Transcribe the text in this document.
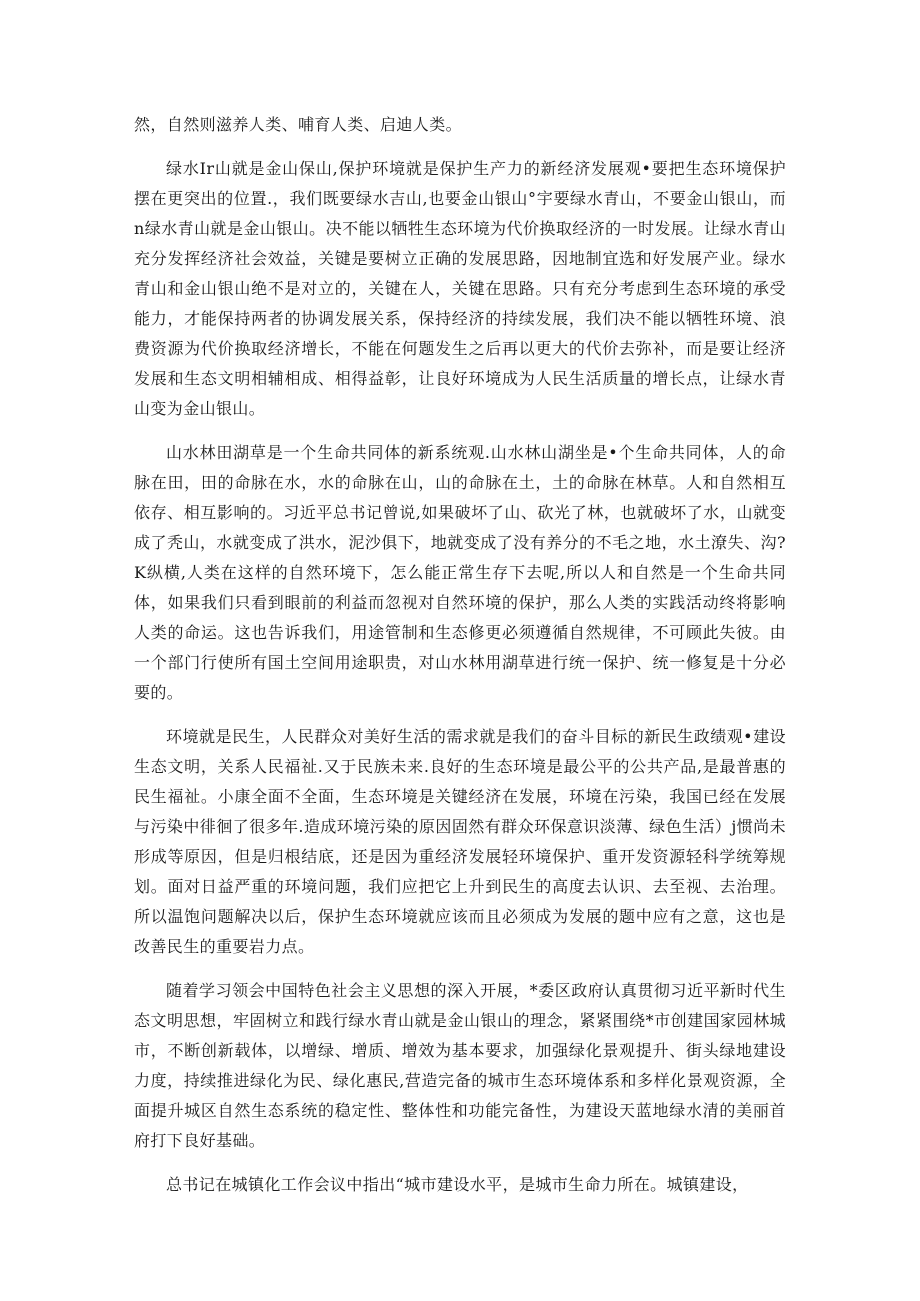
然，自然则滋养人类、哺育人类、启迪人类。

绿水Ir山就是金山保山,保护环境就是保护生产力的新经济发展观•要把生态环境保护摆在更突出的位置.，我们既要绿水吉山,也要金山银山°宇要绿水青山，不要金山银山，而n绿水青山就是金山银山。决不能以牺牲生态环境为代价换取经济的一时发展。让绿水青山充分发挥经济社会效益，关键是要树立正确的发展思路，因地制宜选和好发展产业。绿水青山和金山银山绝不是对立的，关键在人，关键在思路。只有充分考虑到生态环境的承受能力，才能保持两者的协调发展关系，保持经济的持续发展，我们决不能以牺牲环境、浪费资源为代价换取经济增长，不能在何题发生之后再以更大的代价去弥补，而是要让经济发展和生态文明相辅相成、相得益彰，让良好环境成为人民生活质量的增长点，让绿水青山变为金山银山。

山水林田湖草是一个生命共同体的新系统观.山水林山湖坐是•个生命共同体，人的命脉在田，田的命脉在水，水的命脉在山，山的命脉在土，土的命脉在林草。人和自然相互依存、相互影响的。习近平总书记曾说,如果破坏了山、砍光了林，也就破坏了水，山就变成了秃山，水就变成了洪水，泥沙俱下，地就变成了没有养分的不毛之地，水土潦失、沟?K纵横,人类在这样的自然环境下，怎么能正常生存下去呢,所以人和自然是一个生命共同体，如果我们只看到眼前的利益而忽视对自然环境的保护，那么人类的实践活动终将影响人类的命运。这也告诉我们，用途管制和生态修更必须遵循自然规律，不可顾此失彼。由一个部门行使所有国土空间用途职贵，对山水林用湖草进行统一保护、统一修复是十分必要的。

环境就是民生，人民群众对美好生活的需求就是我们的奋斗目标的新民生政绩观•建设生态文明，关系人民福祉.又于民族未来.良好的生态环境是最公平的公共产品,是最普惠的民生福祉。小康全面不全面，生态环境是关键经济在发展，环境在污染，我国已经在发展与污染中徘徊了很多年.造成环境污染的原因固然有群众环保意识淡薄、绿色生活）j惯尚未形成等原因，但是归根结底，还是因为重经济发展轻环境保护、重开发资源轻科学统筹规划。面对日益严重的环境问题，我们应把它上升到民生的高度去认识、去至视、去治理。所以温饱问题解决以后，保护生态环境就应该而且必须成为发展的题中应有之意，这也是改善民生的重要岩力点。

随着学习领会中国特色社会主义思想的深入开展，*委区政府认真贯彻习近平新时代生态文明思想，牢固树立和践行绿水青山就是金山银山的理念，紧紧围绕*市创建国家园林城市，不断创新载体，以增绿、增质、增效为基本要求，加强绿化景观提升、街头绿地建设力度，持续推进绿化为民、绿化惠民,营造完备的城市生态环境体系和多样化景观资源，全面提升城区自然生态系统的稳定性、整体性和功能完备性，为建设天蓝地绿水清的美丽首府打下良好基础。

总书记在城镇化工作会议中指出“城市建设水平，是城市生命力所在。城镇建设，
